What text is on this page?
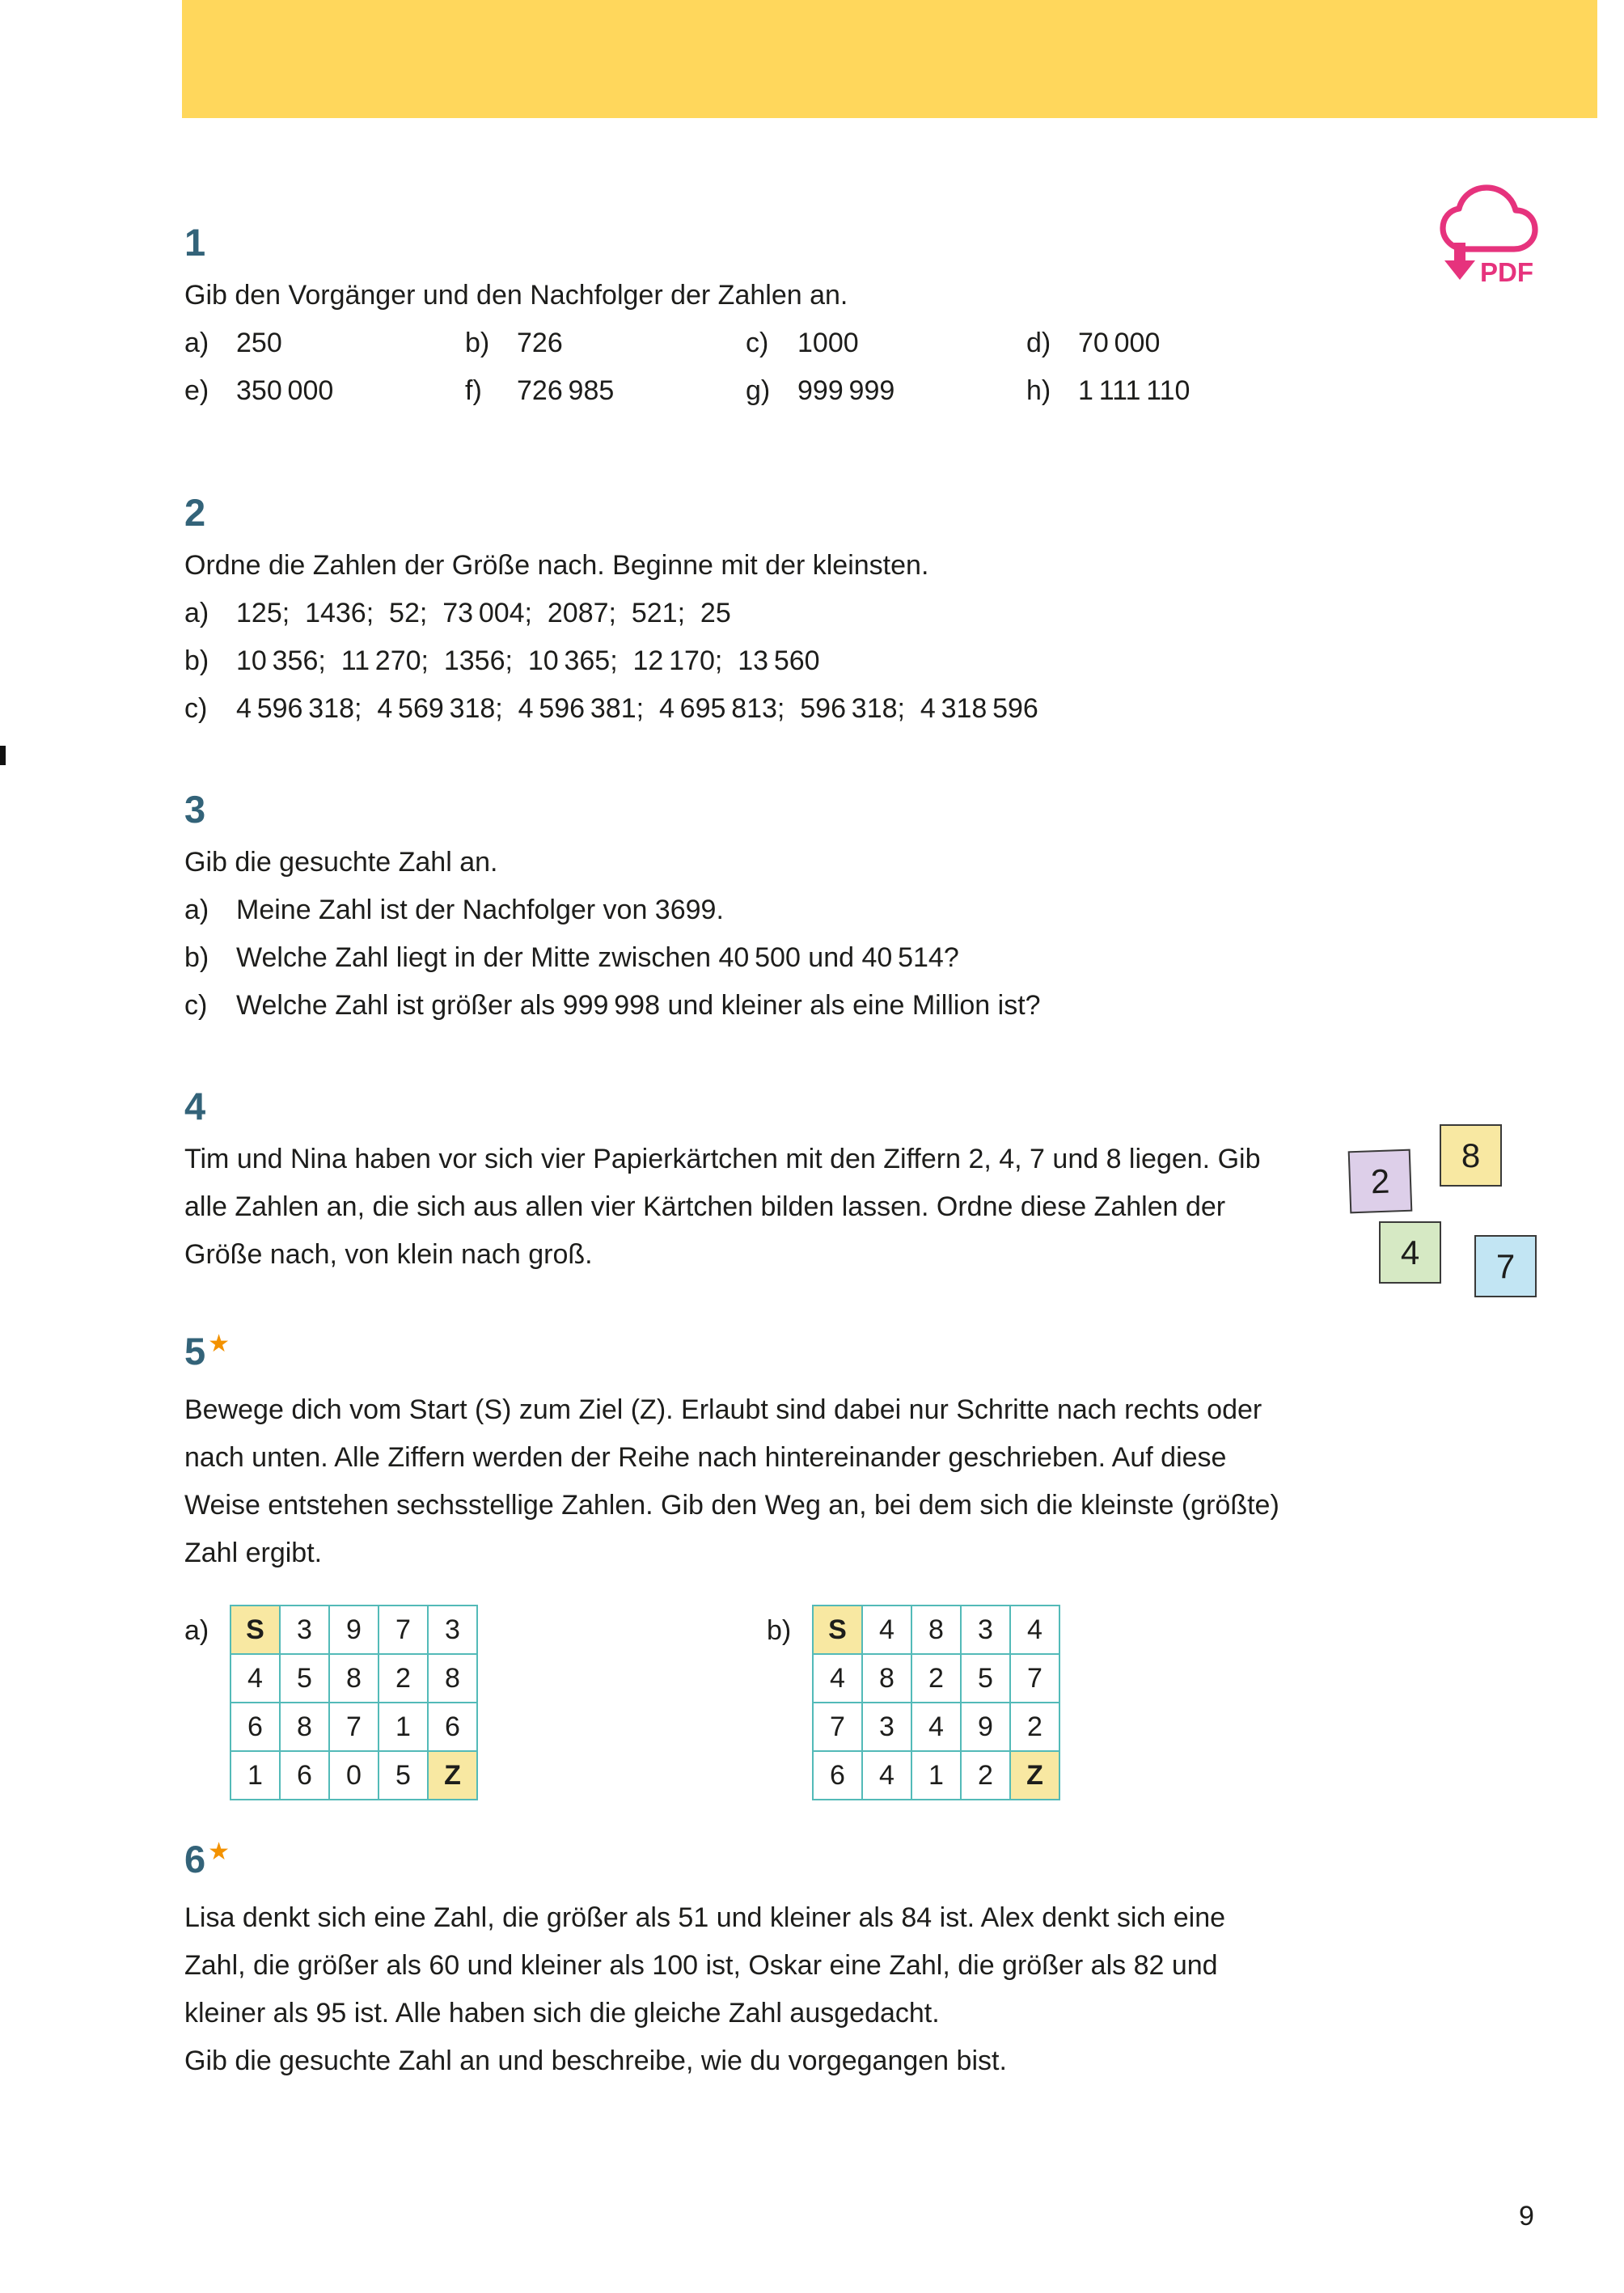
PDF
1

Gib den Vorgänger und den Nachfolger der Zahlen an.

a) 250	b) 726	c)	1000	d) 70 000
e) 350 000	f)	726 985	g) 999 999	h) 1 111 110
2

Ordne die Zahlen der Größe nach. Beginne mit der kleinsten.

a) 125;  1436;  52;  73 004;  2087;  521;  25
b) 10 356;  11 270;  1356;  10 365;  12 170;  13 560
c)	4 596 318;  4 569 318;  4 596 381;  4 695 813;  596 318;  4 318 596
3

Gib die gesuchte Zahl an.

a) Meine Zahl ist der Nachfolger von 3699.
b) Welche Zahl liegt in der Mitte zwischen 40 500 und 40 514?
c)	Welche Zahl ist größer als 999 998 und kleiner als eine Million ist?
4

Tim und Nina haben vor sich vier Papierkärtchen mit den Ziffern 2, 4, 7 und 8 liegen. Gib alle Zahlen an, die sich aus allen vier Kärtchen bilden lassen. Ordne diese Zahlen der Größe nach, von klein nach groß.

5 ★

Bewege dich vom Start (S) zum Ziel (Z). Erlaubt sind dabei nur Schritte nach rechts oder nach unten. Alle Ziffern werden der Reihe nach hintereinander geschrieben. Auf diese Weise entstehen sechsstellige Zahlen. Gib den Weg an, bei dem sich die kleinste (größte) Zahl ergibt.

a)	S	3	9	7	3
4	5	8	2	8
6	8	7	1	6
1	6	0	5	Z
b)	S	4	8	3	4
4	8	2	5	7
7	3	4	9	2
6	4	1	2	Z
6 ★

Lisa denkt sich eine Zahl, die größer als 51 und kleiner als 84 ist. Alex denkt sich eine Zahl, die größer als 60 und kleiner als 100 ist, Oskar eine Zahl, die größer als 82 und kleiner als 95 ist. Alle haben sich die gleiche Zahl ausgedacht.

Gib die gesuchte Zahl an und beschreibe, wie du vorgegangen bist.

8
2
4	7
9
